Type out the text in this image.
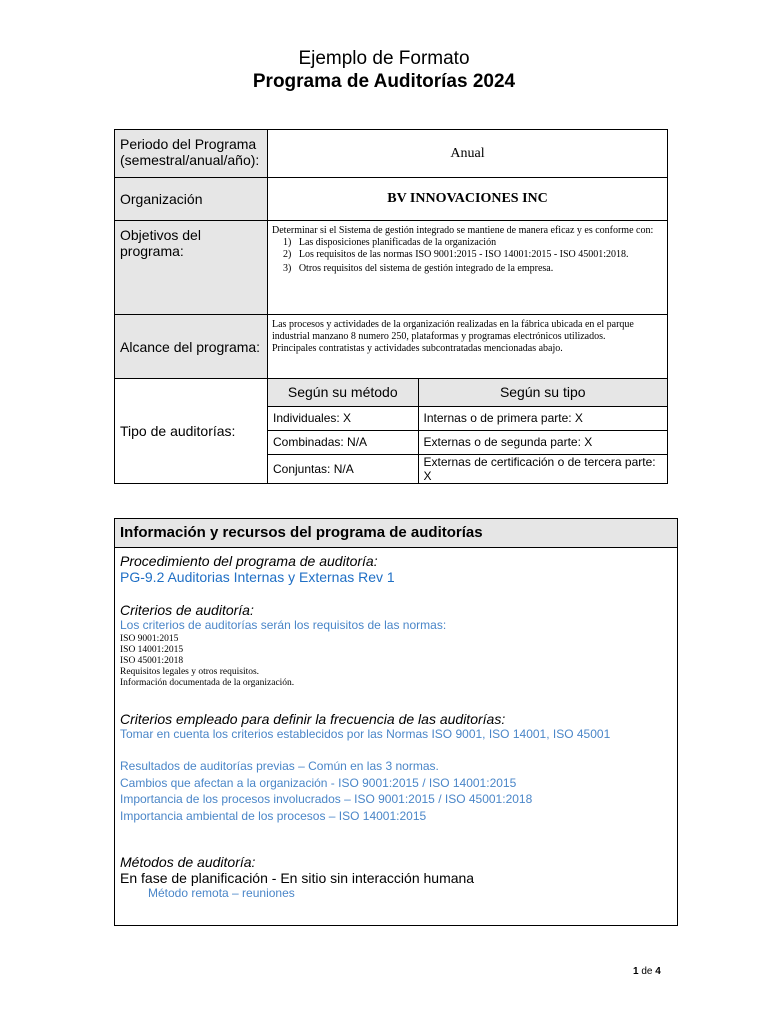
Ejemplo de Formato
Programa de Auditorías 2024
Periodo del Programa (semestral/anual/año):	Anual
Organización	BV INNOVACIONES INC
Objetivos del programa:	
Determinar si el Sistema de gestión integrado se mantiene de manera eficaz y es conforme con:
1)   Las disposiciones planificadas de la organización
2)   Los requisitos de las normas ISO 9001:2015 - ISO 14001:2015 - ISO 45001:2018.
3)   Otros requisitos del sistema de gestión integrado de la empresa.

Alcance del programa:	
Las procesos y actividades de la organización realizadas en la fábrica ubicada en el parque industrial manzano 8 numero 250, plataformas y programas electrónicos utilizados.
Principales contratistas y actividades subcontratadas mencionadas abajo.

Tipo de auditorías:	
Según su método	Según su tipo
Individuales: X	Internas o de primera parte: X
Combinadas: N/A	Externas o de segunda parte: X
Conjuntas: N/A	Externas de certificación o de tercera parte: X
Información y recursos del programa de auditorías
Procedimiento del programa de auditoría:
PG-9.2 Auditorias Internas y Externas Rev 1
Criterios de auditoría:
Los criterios de auditorías serán los requisitos de las normas:
ISO 9001:2015
ISO 14001:2015
ISO 45001:2018
Requisitos legales y otros requisitos.
Información documentada de la organización.
Criterios empleado para definir la frecuencia de las auditorías:
Tomar en cuenta los criterios establecidos por las Normas ISO 9001, ISO 14001, ISO 45001
Resultados de auditorías previas – Común en las 3 normas.
Cambios que afectan a la organización - ISO 9001:2015 / ISO 14001:2015
Importancia de los procesos involucrados – ISO 9001:2015 / ISO 45001:2018
Importancia ambiental de los procesos – ISO 14001:2015
Métodos de auditoría:
En fase de planificación - En sitio sin interacción humana
Método remota – reuniones
1 de 4
